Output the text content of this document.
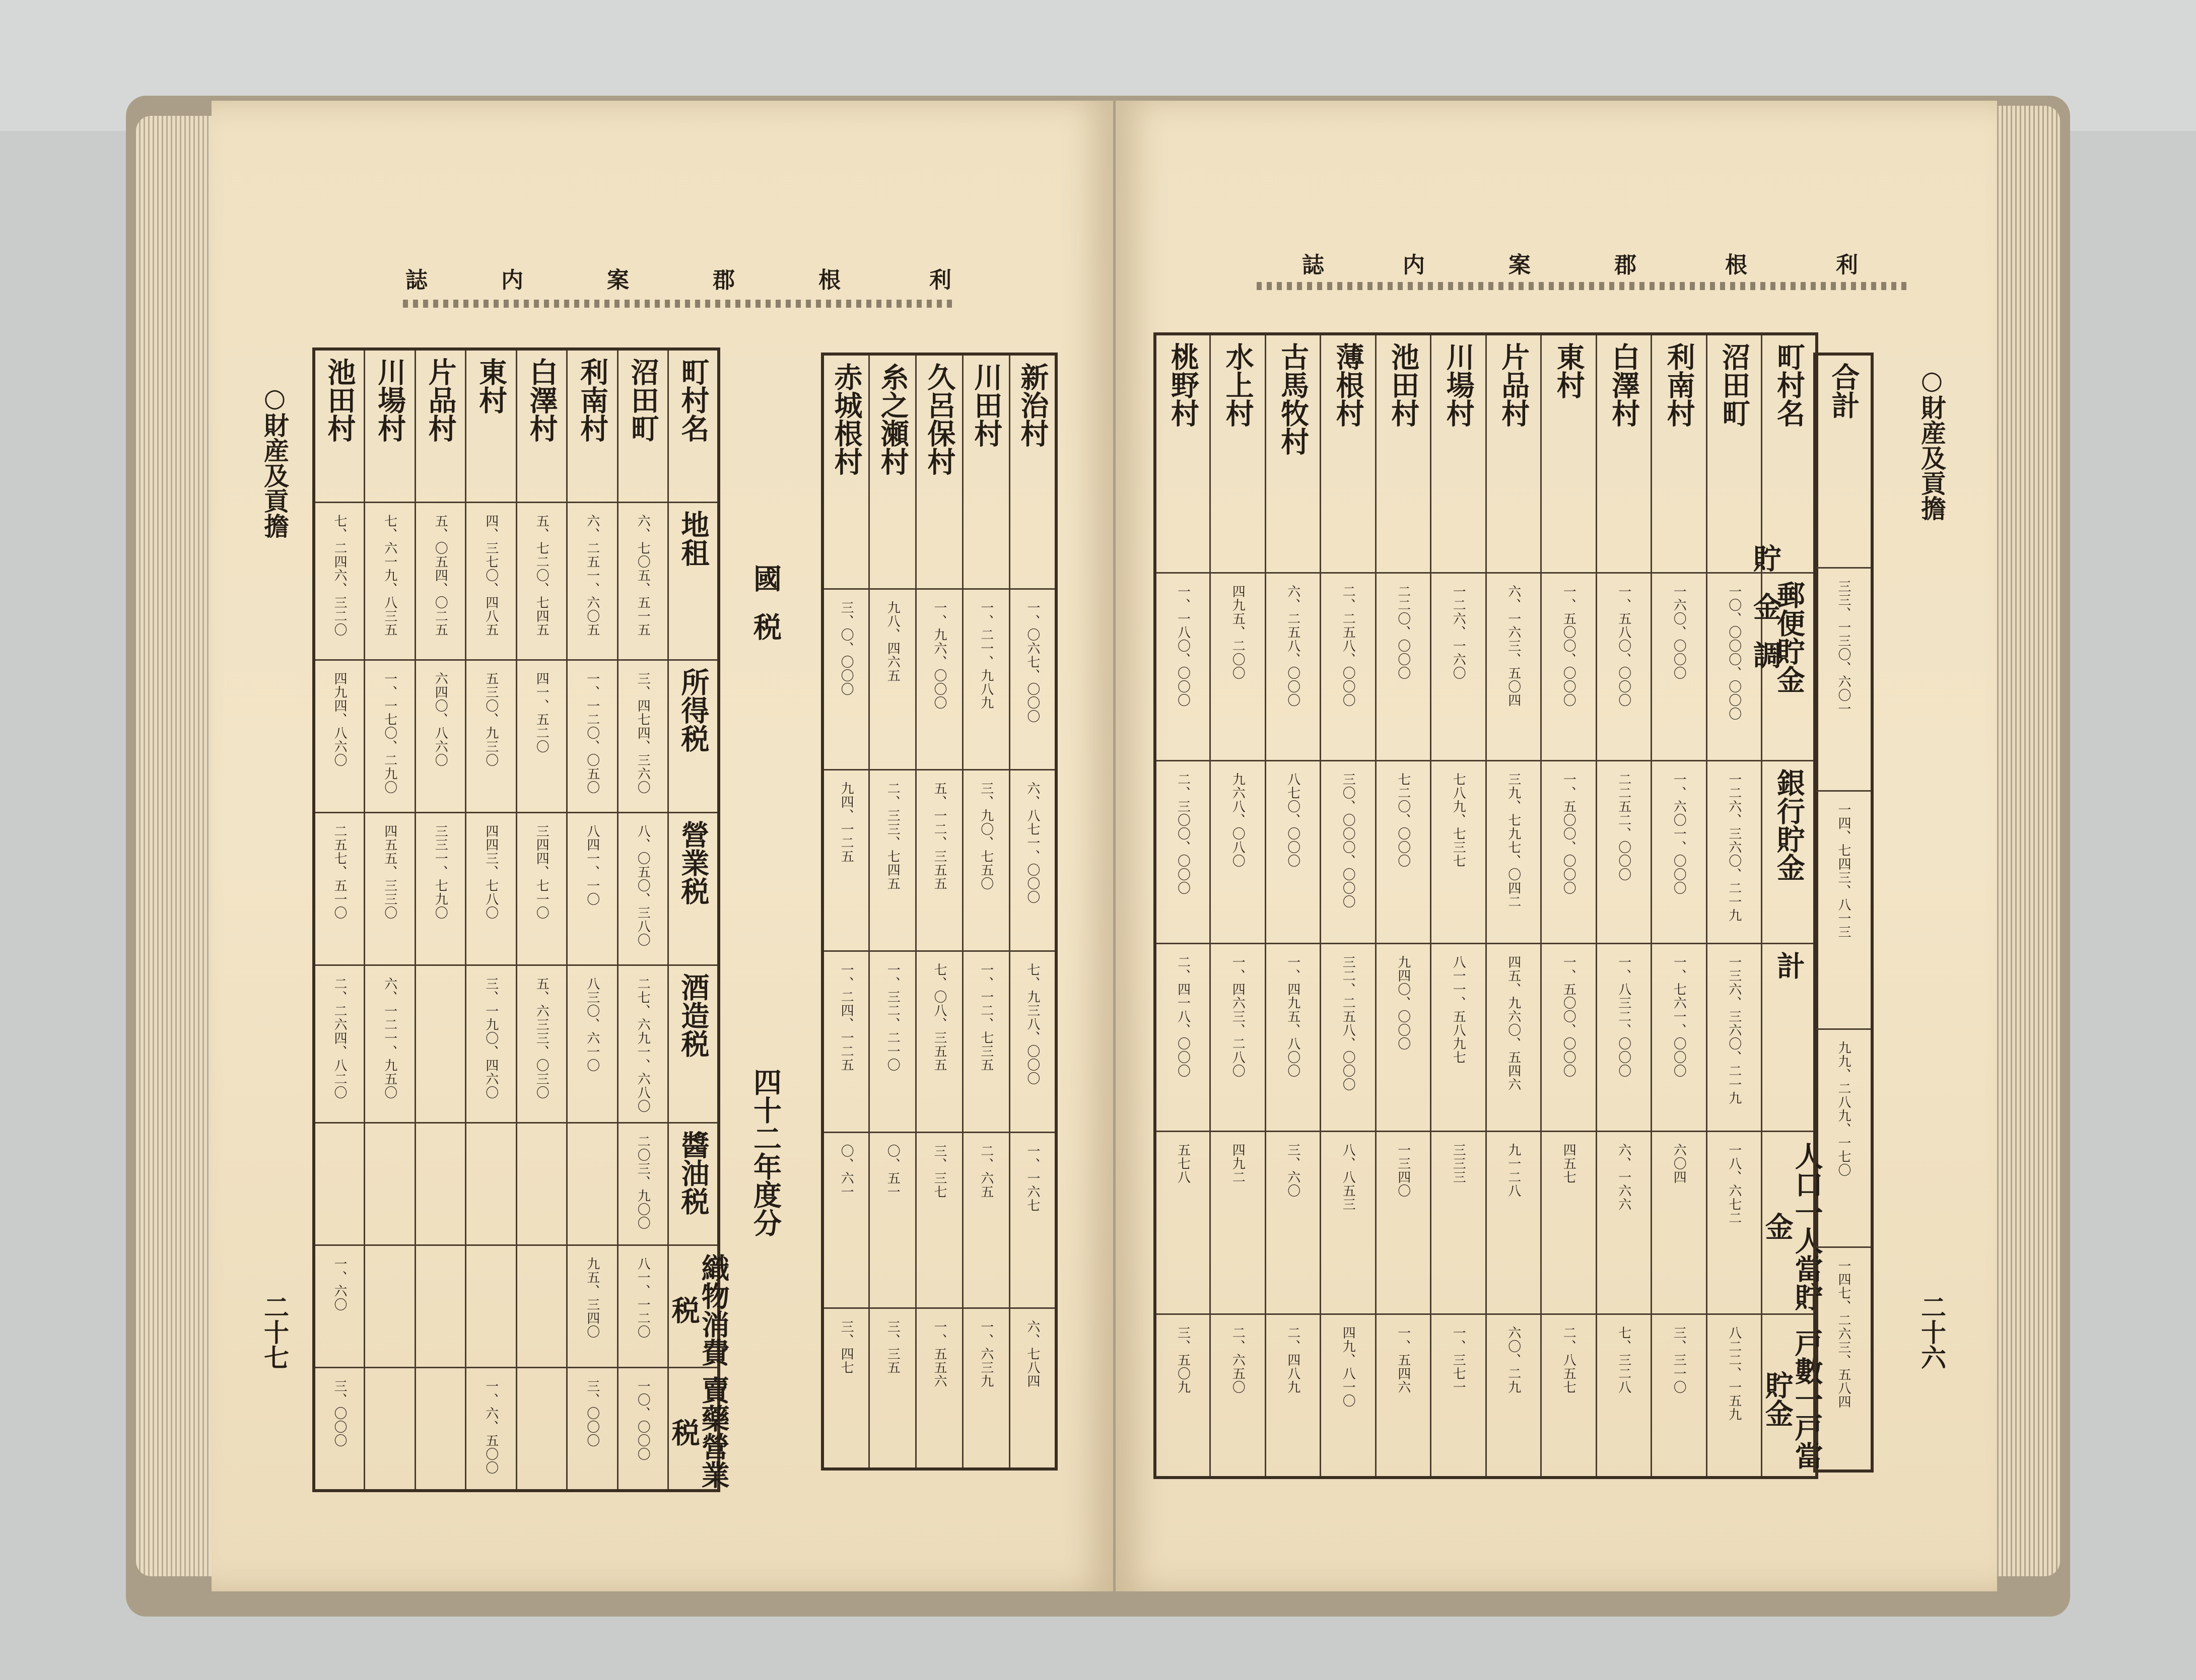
誌	内	案	郡	根	利
○財産及貢擔
二十七
池田村	川場村	片品村	東村	白澤村	利南村	沼田町	町村名

七、二四六、三二〇	七、六一九、八三五	五、〇五四、〇二五	四、三七〇、四八五	五、七二〇、七四五	六、二五一、六〇五	六、七〇五、五一五	地租

四九四、八六〇	一、一七〇、二九〇	六四〇、八六〇	五三〇、九三〇	四一、五二〇	一、一二〇、〇五〇	三、四七四、三六〇	所得税

二五七、五一〇	四五五、三三〇	三三一、七九〇	四四三、七八〇	三四四、七一〇	八四一、一〇	八、〇五〇、三八〇	營業税

二、二六四、八二〇	六、一二一、九五〇		三、一九〇、四六〇	五、六三三、〇三〇	八三〇、六一〇	二七、六九一、六八〇	酒造税

						二〇三、九〇〇	醬油税

一、六〇					九五、三四〇	八一、一二〇	織物消費税

三、〇〇〇			一、六、五〇〇		三、〇〇〇	一〇、〇〇〇	賣藥營業税
國税
四十二年度分
赤城根村	糸之瀬村	久呂保村	川田村	新治村

三、〇、〇〇〇	九八、四六五	一、九六、〇〇〇	一、二一、九八九	一、〇六七、〇〇〇

九四、一二五	二、三三、七四五	五、一二、三五五	三、九〇、七五〇	六、八七一、〇〇〇

一、二四、一二五	一、三二、二一〇	七、〇八、三五五	一、一二、七三五	七、九三八、〇〇〇

〇、六一	〇、五一	三、三七	二、六五	一、一六七

三、四七	三、三五	一、五五六	一、六三九	六、七八四
誌	内	案	郡	根	利
桃野村	水上村	古馬牧村	薄根村	池田村	川場村	片品村	東村	白澤村	利南村	沼田町	町村名

一、一八〇、〇〇〇	四九五、二〇〇	六、二五八、〇〇〇	二、二五八、〇〇〇	二二〇、〇〇〇	一二六、一六〇	六、一六三、五〇四	一、五〇〇、〇〇〇	一、五八〇、〇〇〇	一六〇、〇〇〇	一〇、〇〇〇、〇〇〇	郵便貯金

二、三〇〇、〇〇〇	九六八、〇八〇	八七〇、〇〇〇	三〇、〇〇〇、〇〇〇	七二〇、〇〇〇	七八九、七三七	三九、七九七、〇四二	一、五〇〇、〇〇〇	二二五二、〇〇〇	一、六〇一、〇〇〇	一二六、三六〇、二一九	銀行貯金

二、四一八、〇〇〇	一、四六三、二八〇	一、四九五、八〇〇	三二、二五八、〇〇〇	九四〇、〇〇〇	八一一、五八九七	四五、九六〇、五四六	一、五〇〇、〇〇〇	一、八三二、〇〇〇	一、七六一、〇〇〇	一三六、三六〇、二一九	計

五七八	四九二	三、六〇	八、八五三	一三四〇	三三三	九一二八	四五七	六、一六六	六〇四	一八、六七二	人口一人當貯金

三、五〇九	二、六五〇	二、四八九	四九、八一〇	一、五四六	一、三七一	六〇、二九	二、八五七	七、三二八	三、三一〇	八二二、一五九	戸數一戸當貯金
貯金調
合計

三三、一三〇、六〇一

一四、七四三、八一三

九九、二八九、一七〇

一四七、二六三、五八四
○財産及貢擔
二十六
